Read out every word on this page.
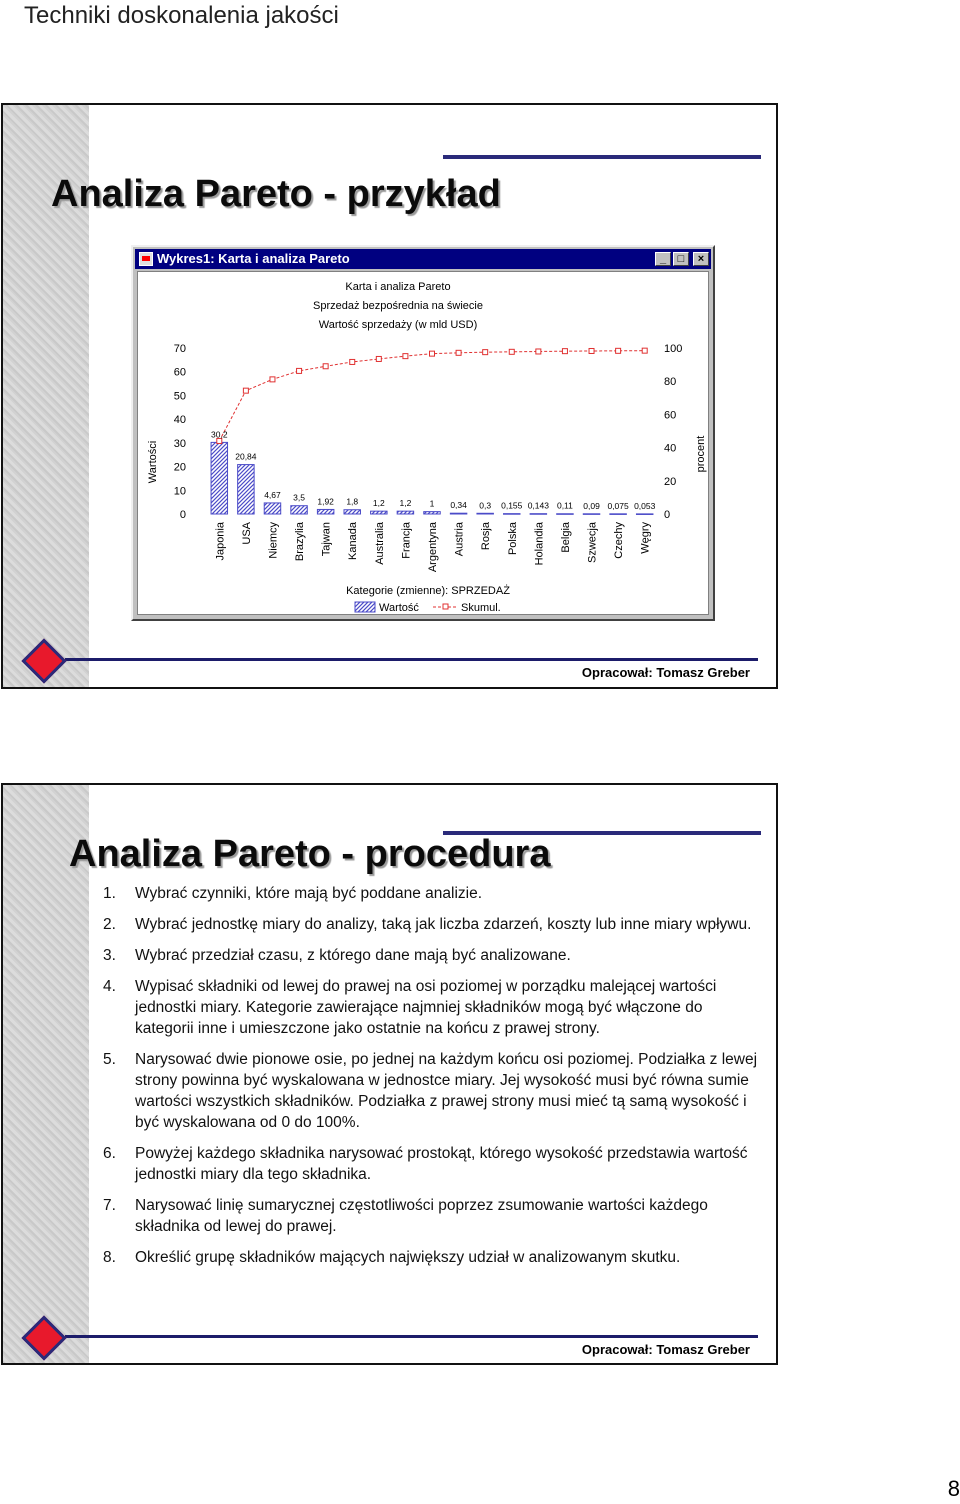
Techniki doskonalenia jakości
Analiza Pareto - przykład
Wykres1: Karta i analiza Pareto	_	□	×
Karta i analiza Pareto
Sprzedaż bezpośrednia na świecie
Wartość sprzedaży (w mld USD)
0
10
20
30
40
50
60
70
0
20
40
60
80
100
30,2
Japonia
20,84
USA
4,67
Niemcy
3,5
Brazylia
1,92
Tajwan
1,8
Kanada
1,2
Australia
1,2
Francja
1
Argentyna
0,34
Austria
0,3
Rosja
0,155
Polska
0,143
Holandia
0,11
Belgia
0,09
Szwecja
0,075
Czechy
0,053
Węgry
Kategorie (zmienne): SPRZEDAŻ
Wartości	procent
Wartość	Skumul.
Opracował: Tomasz Greber
Analiza Pareto - procedura
1. Wybrać czynniki, które mają być poddane analizie.
2. Wybrać jednostkę miary do analizy, taką jak liczba zdarzeń, koszty lub inne miary wpływu.
3. Wybrać przedział czasu, z którego dane mają być analizowane.
4. Wypisać składniki od lewej do prawej na osi poziomej w porządku malejącej wartości jednostki miary. Kategorie zawierające najmniej składników mogą być włączone do kategorii inne i umieszczone jako ostatnie na końcu z prawej strony.
5. Narysować dwie pionowe osie, po jednej na każdym końcu osi poziomej. Podziałka z lewej strony powinna być wyskalowana w jednostce miary. Jej wysokość musi być równa sumie wartości wszystkich składników. Podziałka z prawej strony musi mieć tą samą wysokość i być wyskalowana od 0 do 100%.
6. Powyżej każdego składnika narysować prostokąt, którego wysokość przedstawia wartość jednostki miary dla tego składnika.
7. Narysować linię sumarycznej częstotliwości poprzez zsumowanie wartości każdego składnika od lewej do prawej.
8. Określić grupę składników mających największy udział w analizowanym skutku.
Opracował: Tomasz Greber
8
